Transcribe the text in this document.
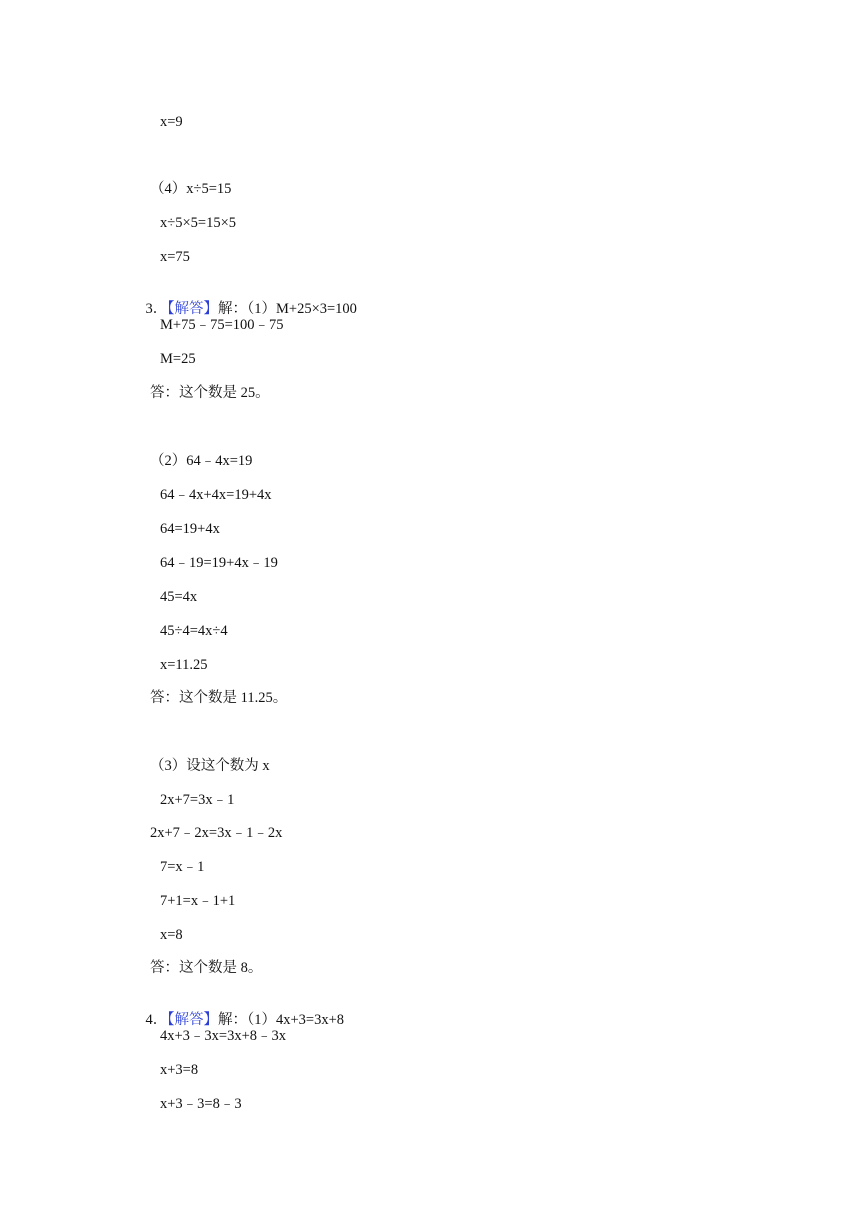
x=9
（4）x÷5=15
x÷5×5=15×5
x=75

3．【解答】解：（1）M+25×3=100

M+75﹣75=100﹣75
M=25
答：这个数是 25。
（2）64﹣4x=19
64﹣4x+4x=19+4x
64=19+4x
64﹣19=19+4x﹣19
45=4x
45÷4=4x÷4
x=11.25
答：这个数是 11.25。
（3）设这个数为 x
2x+7=3x﹣1
2x+7﹣2x=3x﹣1﹣2x
7=x﹣1
7+1=x﹣1+1
x=8
答：这个数是 8。

4．【解答】解：（1）4x+3=3x+8

4x+3﹣3x=3x+8﹣3x
x+3=8
x+3﹣3=8﹣3
